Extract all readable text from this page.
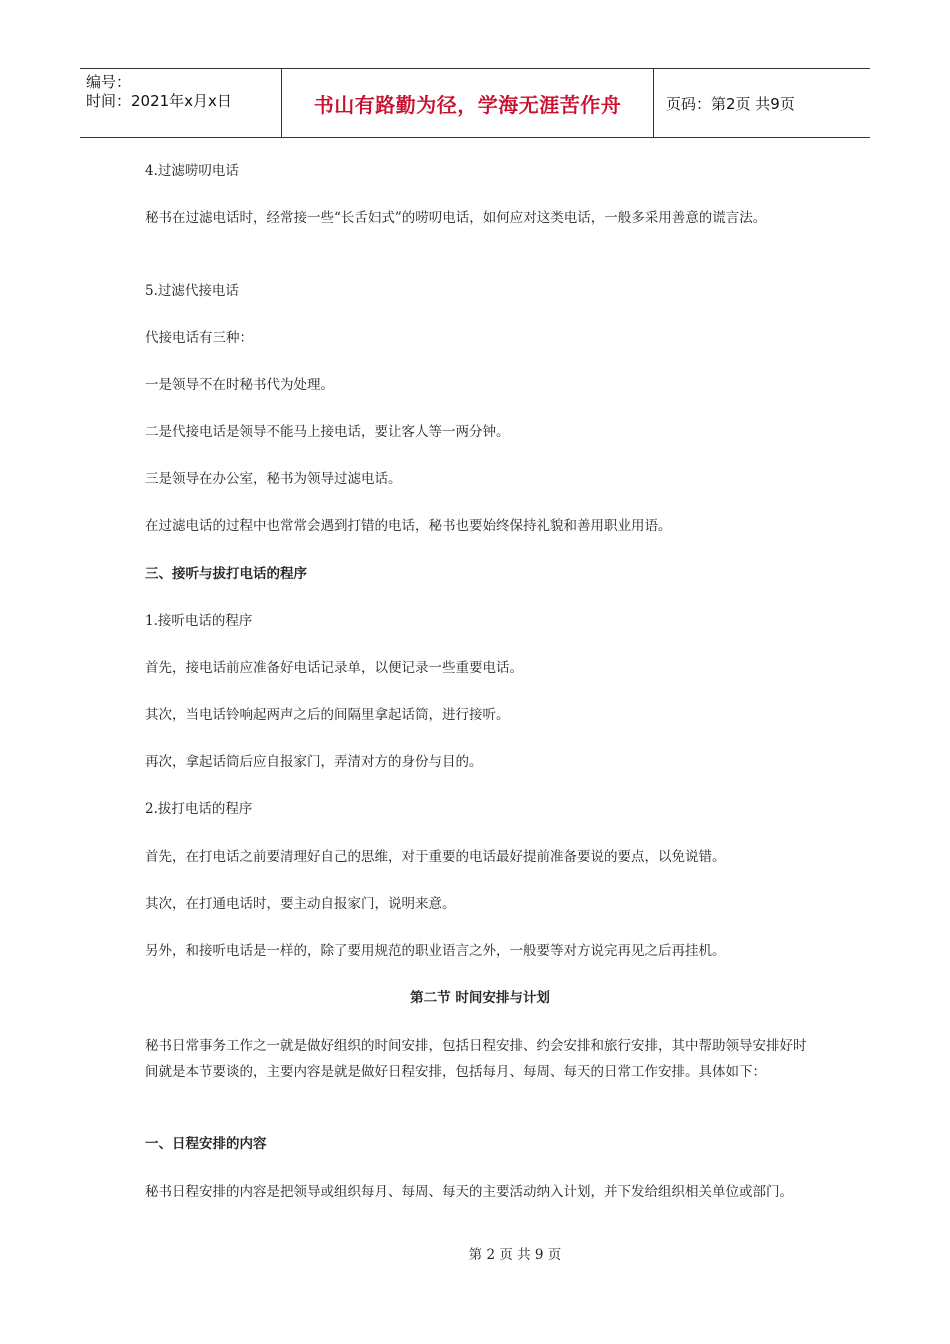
编号：
时间：2021年x月x日	书山有路勤为径，学海无涯苦作舟	页码：第2页 共9页
4.过滤唠叨电话
秘书在过滤电话时，经常接一些“长舌妇式”的唠叨电话，如何应对这类电话，一般多采用善意的谎言法。
5.过滤代接电话
代接电话有三种：
一是领导不在时秘书代为处理。
二是代接电话是领导不能马上接电话，要让客人等一两分钟。
三是领导在办公室，秘书为领导过滤电话。
在过滤电话的过程中也常常会遇到打错的电话，秘书也要始终保持礼貌和善用职业用语。
三、接听与拔打电话的程序
1.接听电话的程序
首先，接电话前应准备好电话记录单，以便记录一些重要电话。
其次，当电话铃响起两声之后的间隔里拿起话筒，进行接听。
再次，拿起话筒后应自报家门，弄清对方的身份与目的。
2.拔打电话的程序
首先，在打电话之前要清理好自己的思维，对于重要的电话最好提前准备要说的要点，以免说错。
其次，在打通电话时，要主动自报家门，说明来意。
另外，和接听电话是一样的，除了要用规范的职业语言之外，一般要等对方说完再见之后再挂机。
第二节 时间安排与计划
秘书日常事务工作之一就是做好组织的时间安排，包括日程安排、约会安排和旅行安排，其中帮助领导安排好时间就是本节要谈的，主要内容是就是做好日程安排，包括每月、每周、每天的日常工作安排。具体如下：
一、日程安排的内容
秘书日程安排的内容是把领导或组织每月、每周、每天的主要活动纳入计划，并下发给组织相关单位或部门。
第 2 页 共 9 页
